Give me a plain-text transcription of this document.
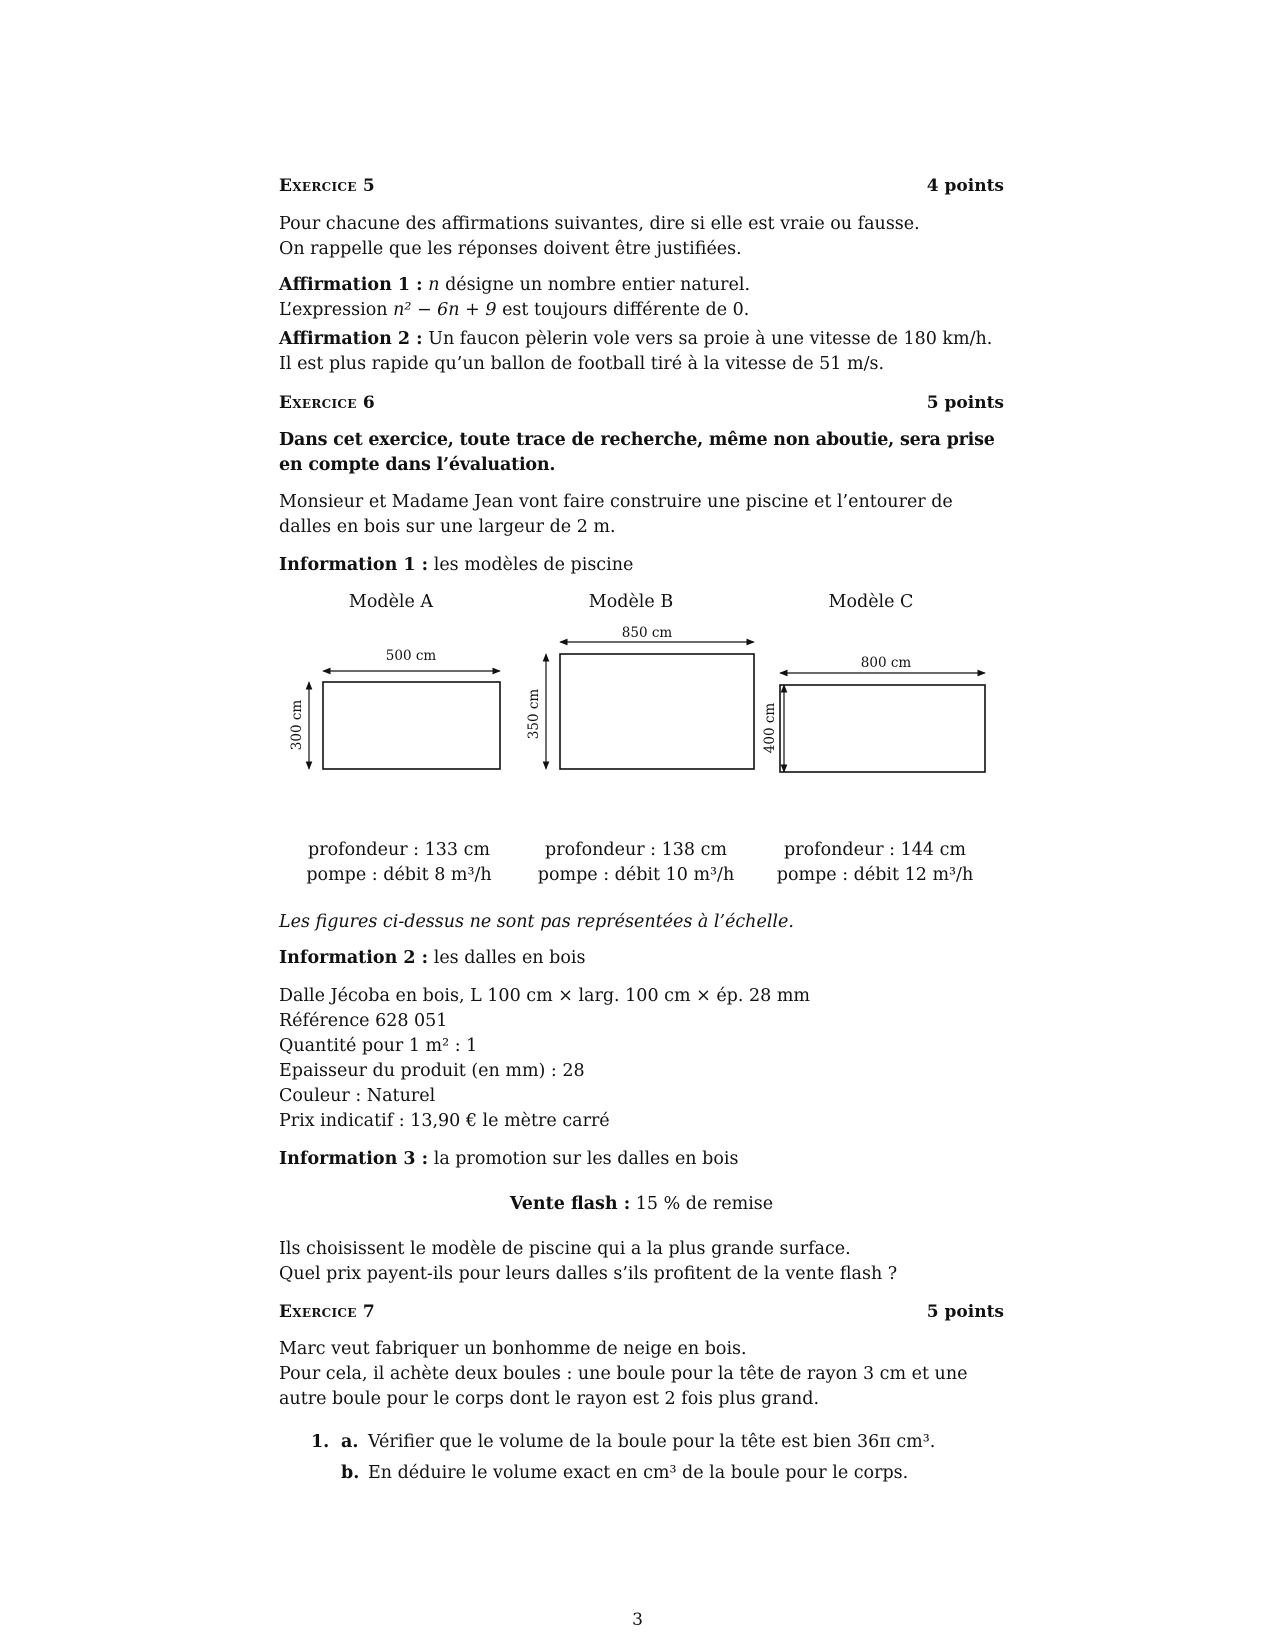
Exercice 5	4 points
Pour chacune des affirmations suivantes, dire si elle est vraie ou fausse.
On rappelle que les réponses doivent être justifiées.
Affirmation 1 : n désigne un nombre entier naturel.
L’expression n² − 6n + 9 est toujours différente de 0.
Affirmation 2 : Un faucon pèlerin vole vers sa proie à une vitesse de 180 km/h. Il est plus rapide qu’un ballon de football tiré à la vitesse de 51 m/s.
Exercice 6	5 points
Dans cet exercice, toute trace de recherche, même non aboutie, sera prise en compte dans l’évaluation.
Monsieur et Madame Jean vont faire construire une piscine et l’entourer de dalles en bois sur une largeur de 2 m.
Information 1 : les modèles de piscine
Modèle A	Modèle B	Modèle C
500 cm
300 cm
850 cm
350 cm
800 cm
400 cm
profondeur : 133 cm
pompe : débit 8 m³/h
profondeur : 138 cm
pompe : débit 10 m³/h
profondeur : 144 cm
pompe : débit 12 m³/h
Les figures ci-dessus ne sont pas représentées à l’échelle.
Information 2 : les dalles en bois
Dalle Jécoba en bois, L 100 cm × larg. 100 cm × ép. 28 mm
Référence 628 051
Quantité pour 1 m² : 1
Epaisseur du produit (en mm) : 28
Couleur : Naturel
Prix indicatif : 13,90 € le mètre carré
Information 3 : la promotion sur les dalles en bois
Vente flash : 15 % de remise
Ils choisissent le modèle de piscine qui a la plus grande surface.
Quel prix payent-ils pour leurs dalles s’ils profitent de la vente flash ?
Exercice 7	5 points
Marc veut fabriquer un bonhomme de neige en bois.
Pour cela, il achète deux boules : une boule pour la tête de rayon 3 cm et une autre boule pour le corps dont le rayon est 2 fois plus grand.
1. a. Vérifier que le volume de la boule pour la tête est bien 36π cm³.
b. En déduire le volume exact en cm³ de la boule pour le corps.
3
